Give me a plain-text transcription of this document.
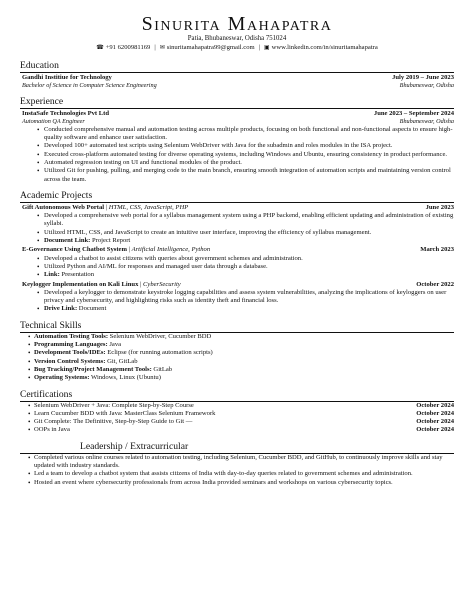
Sinurita Mahapatra
Patia, Bhubaneswar, Odisha 751024
☎ +91 6200981169 | ✉ sinuritamahapatra99@gmail.com | ▣ www.linkedin.com/in/sinuritamahapatra
Education
Gandhi Institiue for Technology	July 2019 – June 2023
Bachelor of Science in Computer Science Engineering	Bhubaneswar, Odisha
Experience
InstaSafe Technologies Pvt Ltd	June 2023 – September 2024
Automation QA Engineer	Bhubaneswar, Odisha
• Conducted comprehensive manual and automation testing across multiple products, focusing on both functional and non-functional aspects to ensure high-quality software and enhance user satisfaction.
• Developed 100+ automated test scripts using Selenium WebDriver with Java for the subadmin and roles modules in the ISA project.
• Executed cross-platform automated testing for diverse operating systems, including Windows and Ubuntu, ensuring consistency in product performance.
• Automated regression testing on UI and functional modules of the product.
• Utilized Git for pushing, pulling, and merging code to the main branch, ensuring smooth integration of automation scripts and maintaining version control across the team.
Academic Projects
Gift Autonomous Web Portal | HTML, CSS, JavaScript, PHP	June 2023
• Developed a comprehensive web portal for a syllabus management system using a PHP backend, enabling efficient updating and administration of existing syllabi.
• Utilized HTML, CSS, and JavaScript to create an intuitive user interface, improving the efficiency of syllabus management.
• Document Link: Project Report
E-Governance Using Chatbot System | Artificial Intelligence, Python	March 2023
• Developed a chatbot to assist citizens with queries about government schemes and administration.
• Utilized Python and AI/ML for responses and managed user data through a database.
• Link: Presentation
Keylogger Implementation on Kali Linux | CyberSecurity	October 2022
• Developed a keylogger to demonstrate keystroke logging capabilities and assess system vulnerabilities, analyzing the implications of keyloggers on user privacy and cybersecurity, and highlighting risks such as identity theft and financial loss.
• Drive Link: Document
Technical Skills
• Automation Testing Tools: Selenium WebDriver, Cucumber BDD
• Programming Languages: Java
• Development Tools/IDEs: Eclipse (for running automation scripts)
• Version Control Systems: Git, GitLab
• Bug Tracking/Project Management Tools: GitLab
• Operating Systems: Windows, Linux (Ubuntu)
Certifications
• Selenium WebDriver + Java: Complete Step-by-Step Course	October 2024
• Learn Cucumber BDD with Java: MasterClass Selenium Framework	October 2024
• Git Complete: The Definitive, Step-by-Step Guide to Git —	October 2024
• OOPs in Java	October 2024
Leadership / Extracurricular
• Completed various online courses related to automation testing, including Selenium, Cucumber BDD, and GitHub, to continuously improve skills and stay updated with industry standards.
• Led a team to develop a chatbot system that assists citizens of India with day-to-day queries related to government schemes and administration.
• Hosted an event where cybersecurity professionals from across India provided seminars and workshops on various cybersecurity topics.
